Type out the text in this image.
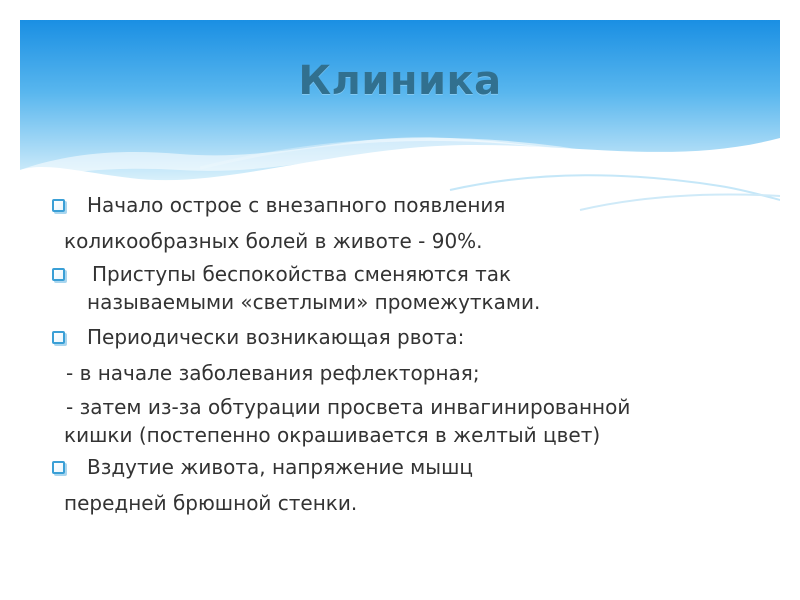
Клиника
Начало острое с внезапного появления
коликообразных болей в животе - 90%.
Приступы беспокойства сменяются так
называемыми «светлыми» промежутками.
Периодически возникающая рвота:
- в начале заболевания рефлекторная;
- затем из-за обтурации просвета инвагинированной
кишки (постепенно окрашивается в желтый цвет)
Вздутие живота, напряжение мышц
передней брюшной стенки.
